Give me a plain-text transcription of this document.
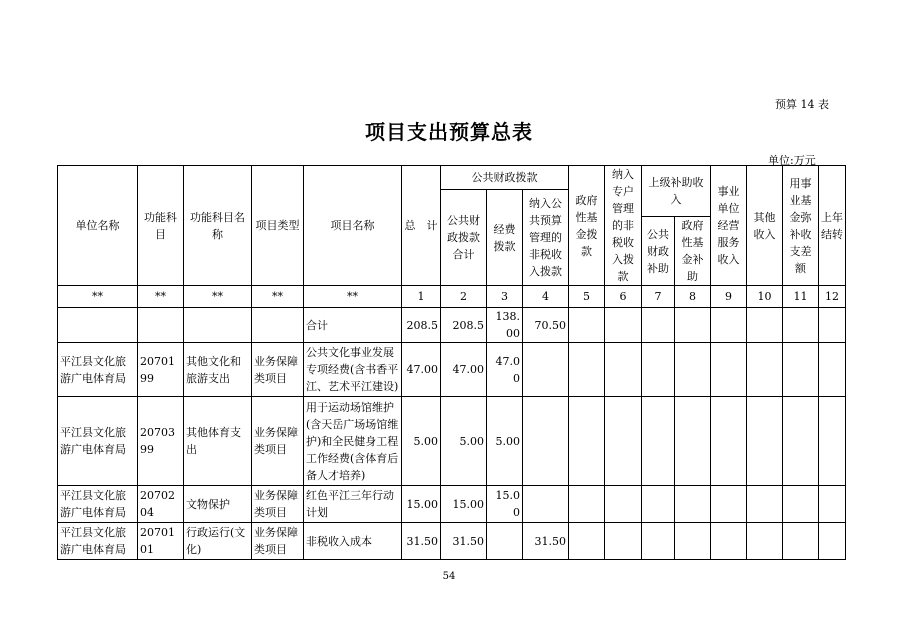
预算 14 表
项目支出预算总表
单位:万元
单位名称	功能科目	功能科目名称	项目类型	项目名称	总　计	公共财政拨款			政府性基金拨款	纳入专户管理的非税收入拨款	上级补助收入		事业单位经营服务收入	其他收入	用事业基金弥补收支差额	上年结转
						公共财政拨款合计	经费拨款	纳入公共预算管理的非税收入拨款								
											公共财政补助	政府性基金补助				
**	**	**	**	**	1	2	3	4	5	6	7	8	9	10	11	12
				合计	208.5	208.5	138.00	70.50								
平江县文化旅游广电体育局	2070199	其他文化和旅游支出	业务保障类项目	公共文化事业发展专项经费(含书香平江、艺术平江建设)	47.00	47.00	47.00									
平江县文化旅游广电体育局	2070399	其他体育支出	业务保障类项目	用于运动场馆维护(含天岳广场场馆维护)和全民健身工程工作经费(含体育后备人才培养)	5.00	5.00	5.00									
平江县文化旅游广电体育局	2070204	文物保护	业务保障类项目	红色平江三年行动计划	15.00	15.00	15.00									
平江县文化旅游广电体育局	2070101	行政运行(文化)	业务保障类项目	非税收入成本	31.50	31.50		31.50								
54
